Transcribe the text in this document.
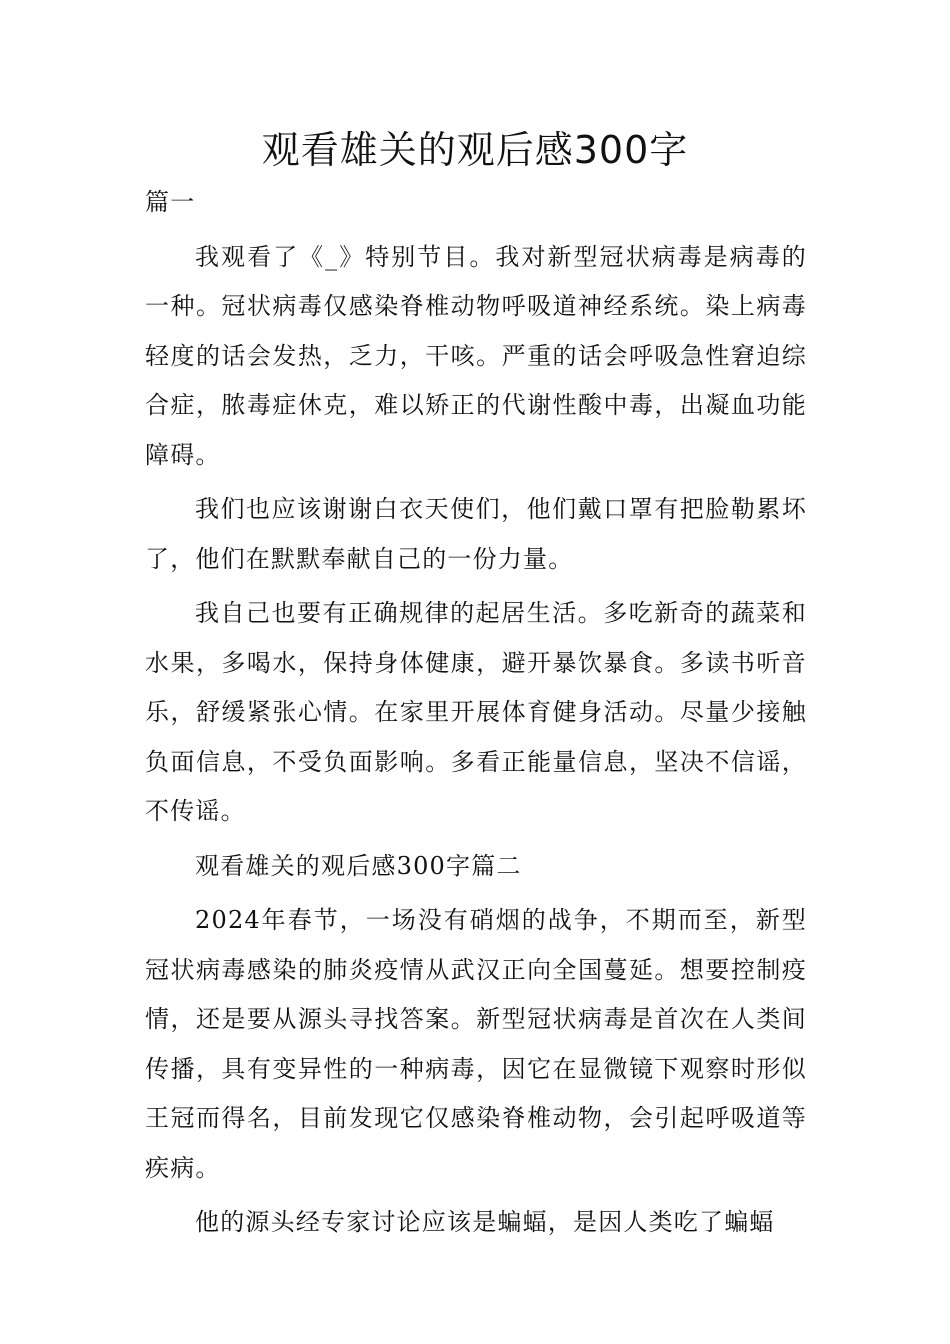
观看雄关的观后感300字

篇一

我观看了《_》特别节目。我对新型冠状病毒是病毒的一种。冠状病毒仅感染脊椎动物呼吸道神经系统。染上病毒轻度的话会发热，乏力，干咳。严重的话会呼吸急性窘迫综合症，脓毒症休克，难以矫正的代谢性酸中毒，出凝血功能障碍。

我们也应该谢谢白衣天使们，他们戴口罩有把脸勒累坏了，他们在默默奉献自己的一份力量。

我自己也要有正确规律的起居生活。多吃新奇的蔬菜和水果，多喝水，保持身体健康，避开暴饮暴食。多读书听音乐，舒缓紧张心情。在家里开展体育健身活动。尽量少接触负面信息，不受负面影响。多看正能量信息，坚决不信谣，不传谣。

观看雄关的观后感300字篇二

2024年春节，一场没有硝烟的战争，不期而至，新型冠状病毒感染的肺炎疫情从武汉正向全国蔓延。想要控制疫情，还是要从源头寻找答案。新型冠状病毒是首次在人类间传播，具有变异性的一种病毒，因它在显微镜下观察时形似王冠而得名，目前发现它仅感染脊椎动物，会引起呼吸道等疾病。

他的源头经专家讨论应该是蝙蝠，是因人类吃了蝙蝠
